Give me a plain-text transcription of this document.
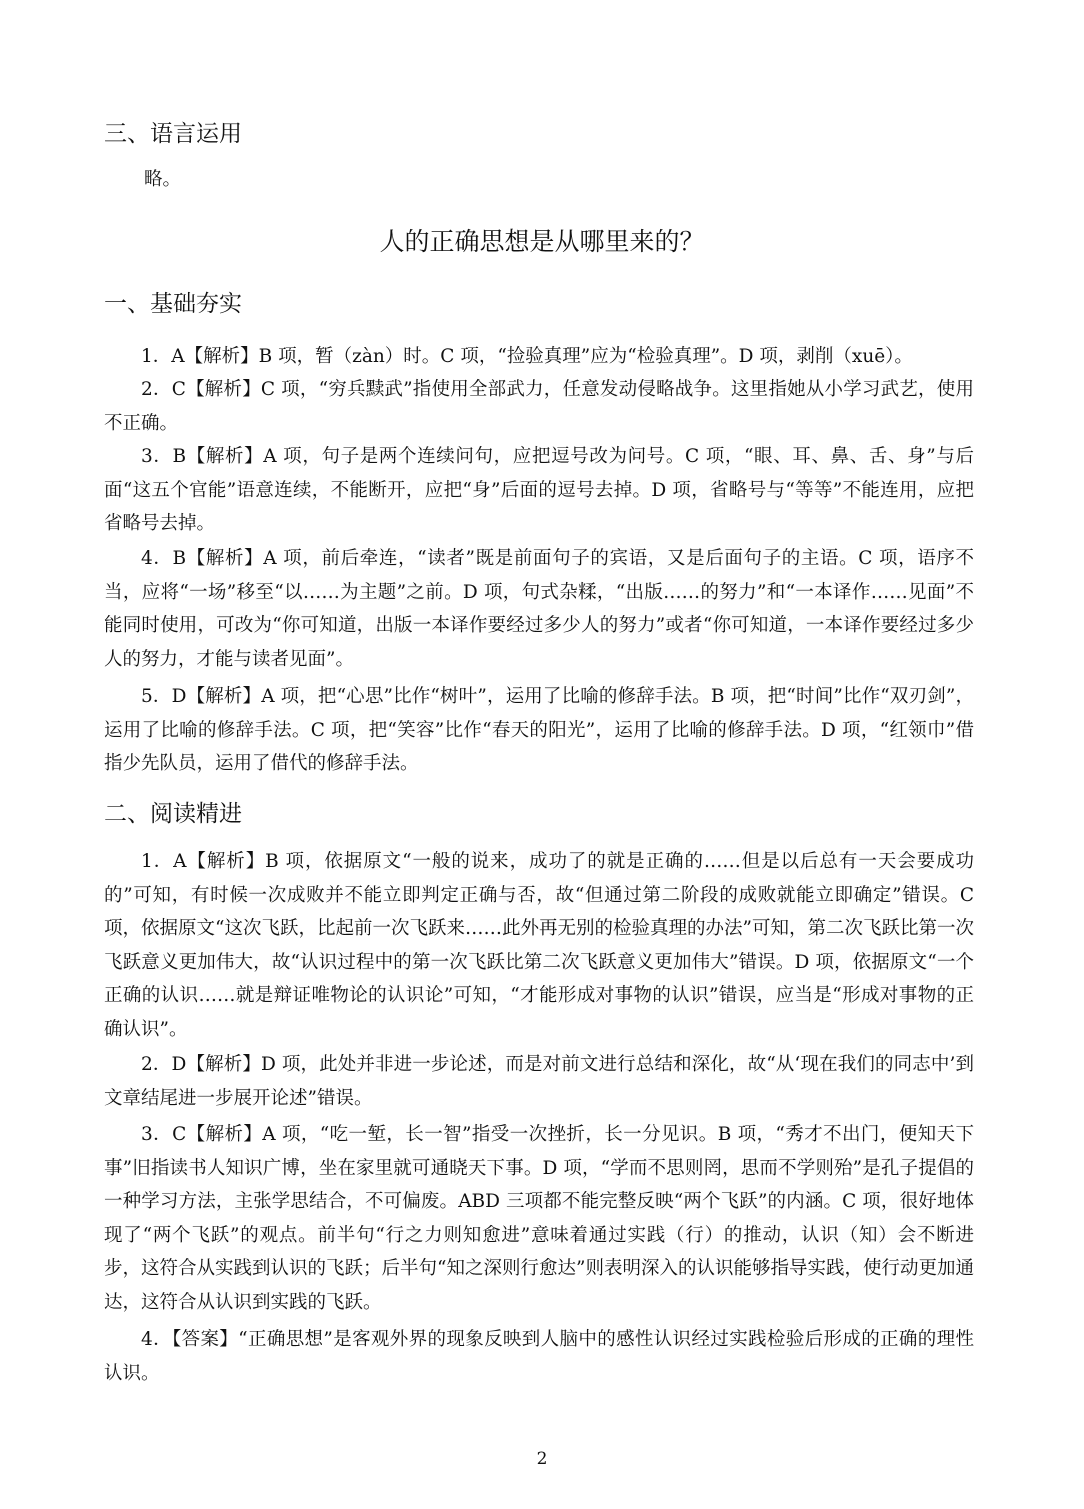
三、语言运用
略。
人的正确思想是从哪里来的？
一、基础夯实

1．A【解析】B 项，暂（zàn）时。C 项，“捡验真理”应为“检验真理”。D 项，剥削（xuē）。

2．C【解析】C 项，“穷兵黩武”指使用全部武力，任意发动侵略战争。这里指她从小学习武艺，使用不正确。

3．B【解析】A 项，句子是两个连续问句，应把逗号改为问号。C 项，“眼、耳、鼻、舌、身”与后面“这五个官能”语意连续，不能断开，应把“身”后面的逗号去掉。D 项，省略号与“等等”不能连用，应把省略号去掉。

4．B【解析】A 项，前后牵连，“读者”既是前面句子的宾语，又是后面句子的主语。C 项，语序不当，应将“一场”移至“以……为主题”之前。D 项，句式杂糅，“出版……的努力”和“一本译作……见面”不能同时使用，可改为“你可知道，出版一本译作要经过多少人的努力”或者“你可知道，一本译作要经过多少人的努力，才能与读者见面”。

5．D【解析】A 项，把“心思”比作“树叶”，运用了比喻的修辞手法。B 项，把“时间”比作“双刃剑”，运用了比喻的修辞手法。C 项，把“笑容”比作“春天的阳光”，运用了比喻的修辞手法。D 项，“红领巾”借指少先队员，运用了借代的修辞手法。

二、阅读精进

1．A【解析】B 项，依据原文“一般的说来，成功了的就是正确的……但是以后总有一天会要成功的”可知，有时候一次成败并不能立即判定正确与否，故“但通过第二阶段的成败就能立即确定”错误。C 项，依据原文“这次飞跃，比起前一次飞跃来……此外再无别的检验真理的办法”可知，第二次飞跃比第一次飞跃意义更加伟大，故“认识过程中的第一次飞跃比第二次飞跃意义更加伟大”错误。D 项，依据原文“一个正确的认识……就是辩证唯物论的认识论”可知，“才能形成对事物的认识”错误，应当是“形成对事物的正确认识”。

2．D【解析】D 项，此处并非进一步论述，而是对前文进行总结和深化，故“从‘现在我们的同志中’到文章结尾进一步展开论述”错误。

3．C【解析】A 项，“吃一堑，长一智”指受一次挫折，长一分见识。B 项，“秀才不出门，便知天下事”旧指读书人知识广博，坐在家里就可通晓天下事。D 项，“学而不思则罔，思而不学则殆”是孔子提倡的一种学习方法，主张学思结合，不可偏废。ABD 三项都不能完整反映“两个飞跃”的内涵。C 项，很好地体现了“两个飞跃”的观点。前半句“行之力则知愈进”意味着通过实践（行）的推动，认识（知）会不断进步，这符合从实践到认识的飞跃；后半句“知之深则行愈达”则表明深入的认识能够指导实践，使行动更加通达，这符合从认识到实践的飞跃。

4．【答案】“正确思想”是客观外界的现象反映到人脑中的感性认识经过实践检验后形成的正确的理性认识。

2
